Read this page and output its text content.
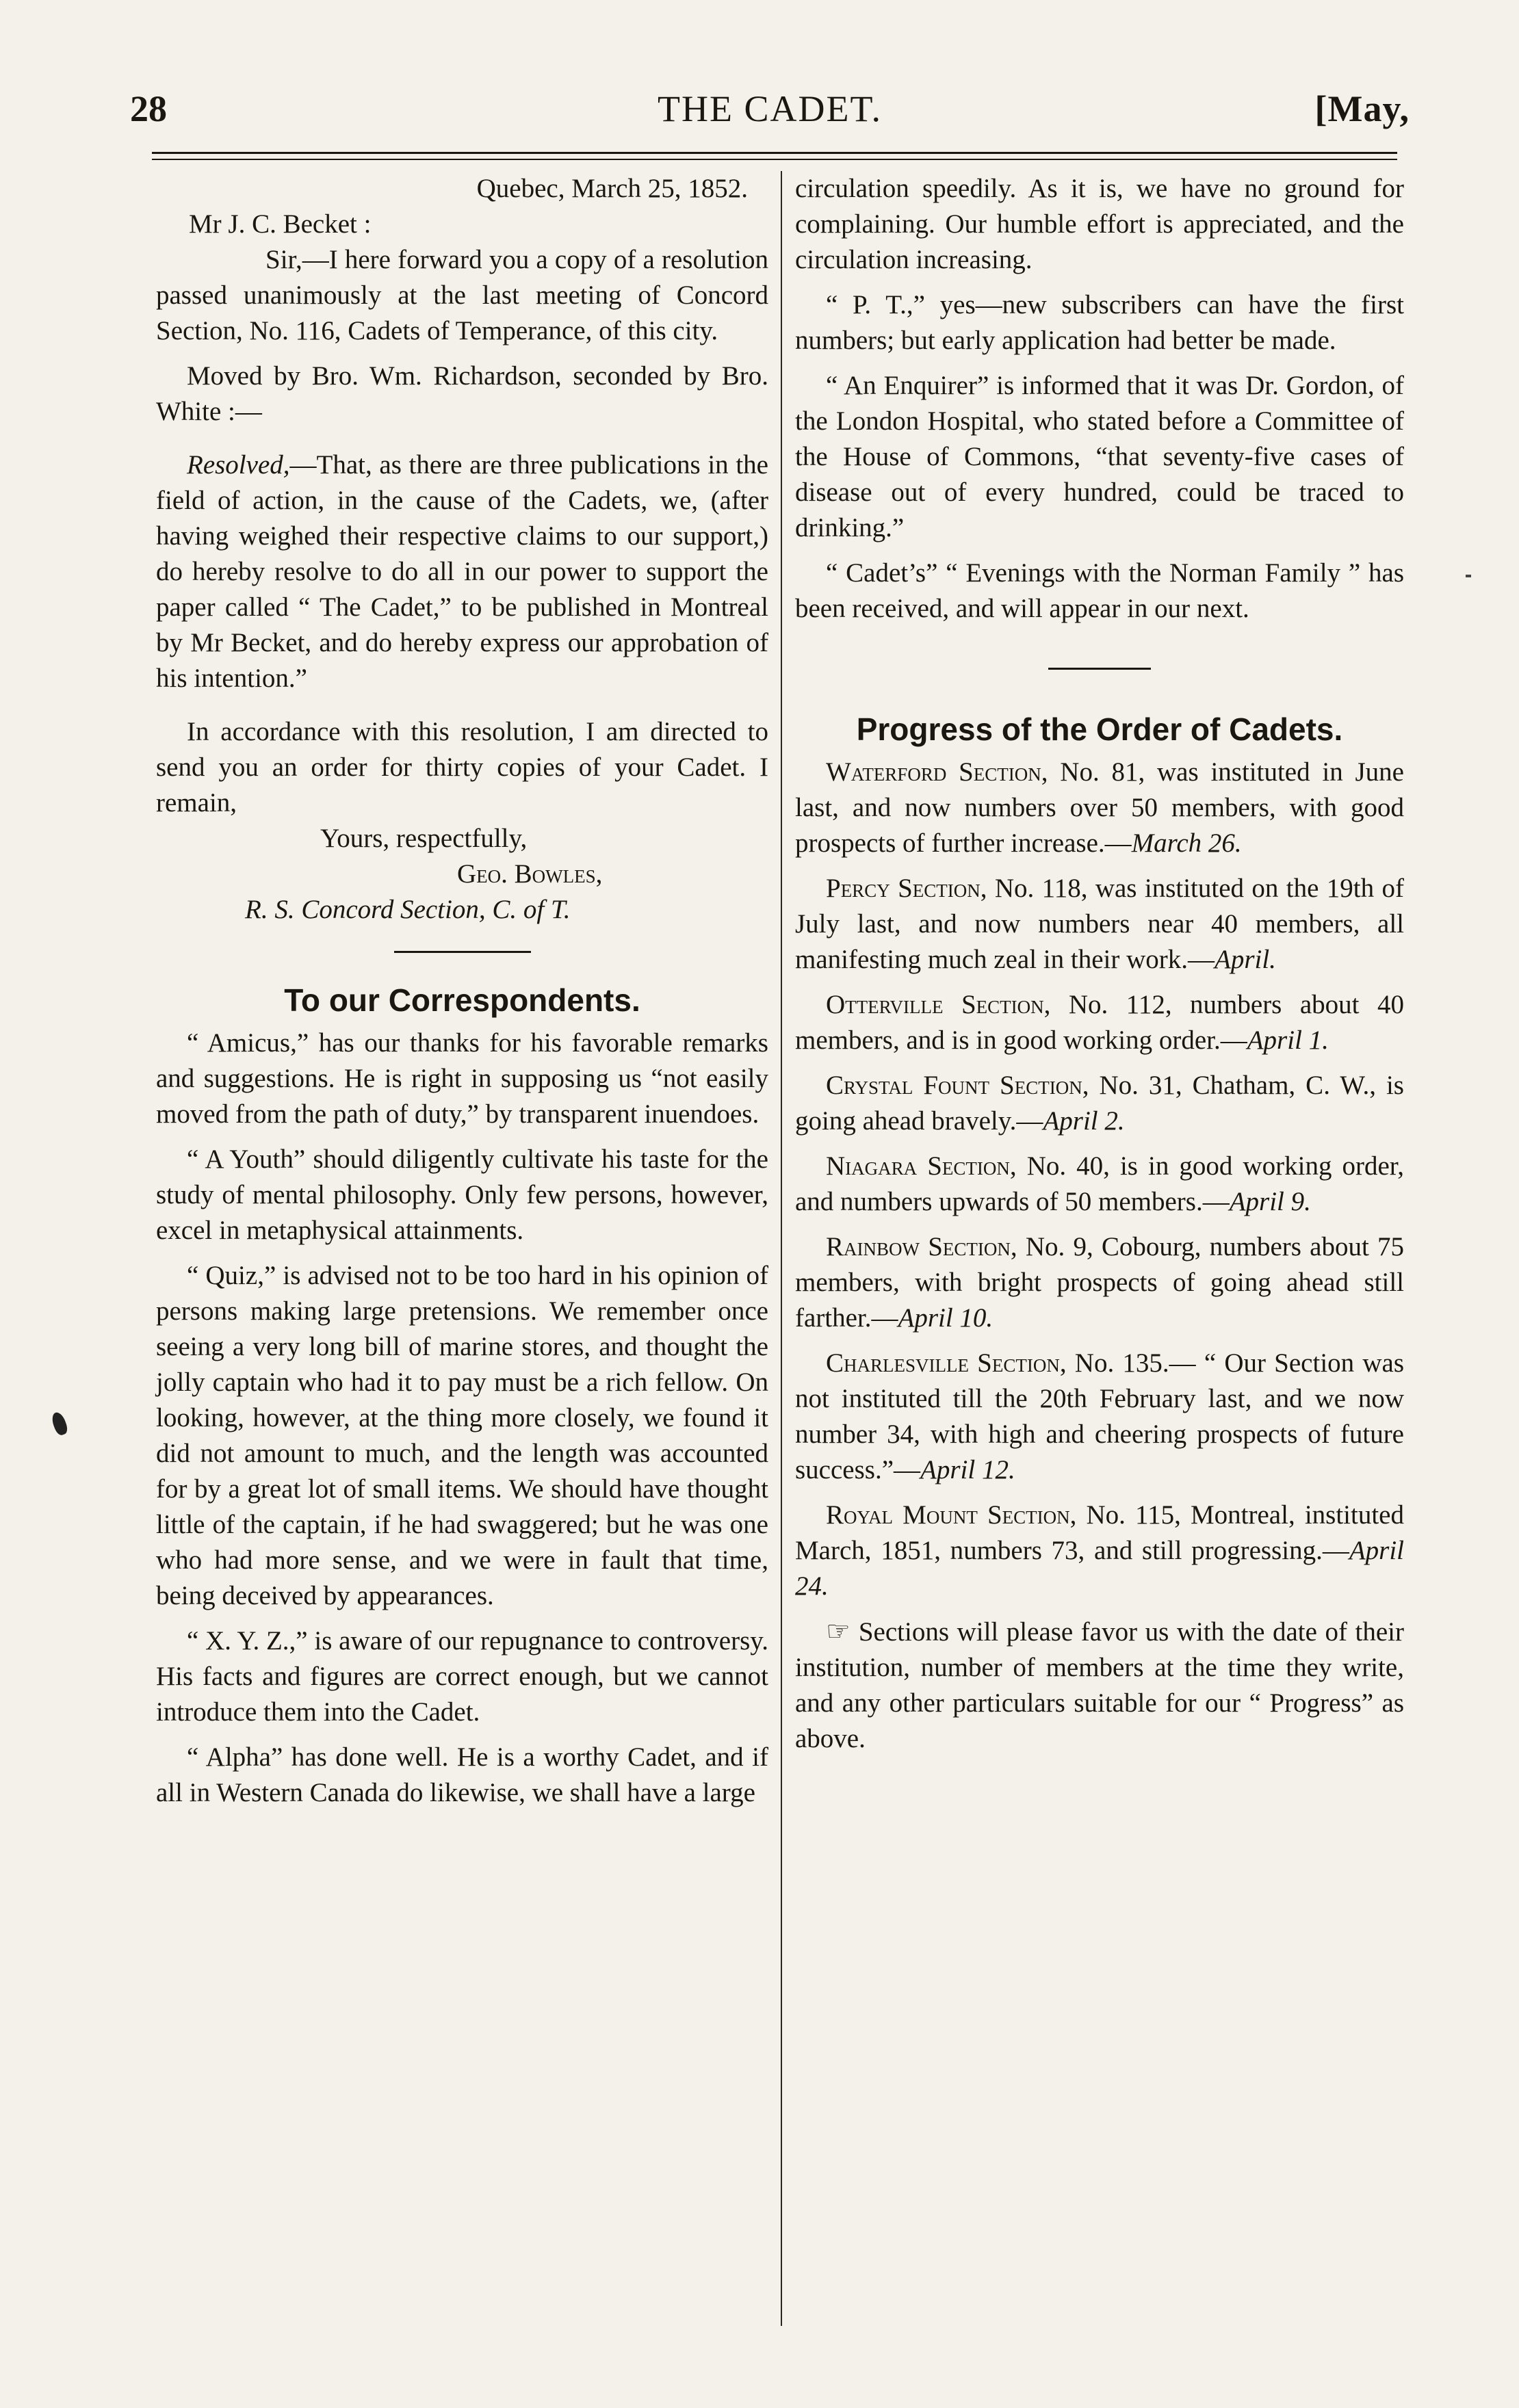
28	THE CADET.	[May,

Quebec, March 25, 1852.

Mr J. C. Becket :

Sir,—I here forward you a copy of a resolution passed unanimously at the last meeting of Concord Section, No. 116, Cadets of Temperance, of this city.

Moved by Bro. Wm. Richardson, seconded by Bro. White :—

Resolved,—That, as there are three publications in the field of action, in the cause of the Cadets, we, (after having weighed their respective claims to our support,) do hereby resolve to do all in our power to support the paper called “ The Cadet,” to be published in Montreal by Mr Becket, and do hereby express our approbation of his intention.”

In accordance with this resolution, I am directed to send you an order for thirty copies of your Cadet. I remain,

Yours, respectfully,

Geo. Bowles,

R. S. Concord Section, C. of T.

To our Correspondents.

“ Amicus,” has our thanks for his favorable remarks and suggestions. He is right in supposing us “not easily moved from the path of duty,” by transparent inuendoes.

“ A Youth” should diligently cultivate his taste for the study of mental philosophy. Only few persons, however, excel in metaphysical attainments.

“ Quiz,” is advised not to be too hard in his opinion of persons making large pretensions. We remember once seeing a very long bill of marine stores, and thought the jolly captain who had it to pay must be a rich fellow. On looking, however, at the thing more closely, we found it did not amount to much, and the length was accounted for by a great lot of small items. We should have thought little of the captain, if he had swaggered; but he was one who had more sense, and we were in fault that time, being deceived by appearances.

“ X. Y. Z.,” is aware of our repugnance to controversy. His facts and figures are correct enough, but we cannot introduce them into the Cadet.

“ Alpha” has done well. He is a worthy Cadet, and if all in Western Canada do likewise, we shall have a large

circulation speedily. As it is, we have no ground for complaining. Our humble effort is appreciated, and the circulation increasing.

“ P. T.,” yes—new subscribers can have the first numbers; but early application had better be made.

“ An Enquirer” is informed that it was Dr. Gordon, of the London Hospital, who stated before a Committee of the House of Commons, “that seventy-five cases of disease out of every hundred, could be traced to drinking.”

“ Cadet’s” “ Evenings with the Norman Family ” has been received, and will appear in our next.

Progress of the Order of Cadets.

Waterford Section, No. 81, was instituted in June last, and now numbers over 50 members, with good prospects of further increase.—March 26.

Percy Section, No. 118, was instituted on the 19th of July last, and now numbers near 40 members, all manifesting much zeal in their work.—April.

Otterville Section, No. 112, numbers about 40 members, and is in good working order.—April 1.

Crystal Fount Section, No. 31, Chatham, C. W., is going ahead bravely.—April 2.

Niagara Section, No. 40, is in good working order, and numbers upwards of 50 members.—April 9.

Rainbow Section, No. 9, Cobourg, numbers about 75 members, with bright prospects of going ahead still farther.—April 10.

Charlesville Section, No. 135.— “ Our Section was not instituted till the 20th February last, and we now number 34, with high and cheering prospects of future success.”—April 12.

Royal Mount Section, No. 115, Montreal, instituted March, 1851, numbers 73, and still progressing.—April 24.

☞ Sections will please favor us with the date of their institution, number of members at the time they write, and any other particulars suitable for our “ Progress” as above.
